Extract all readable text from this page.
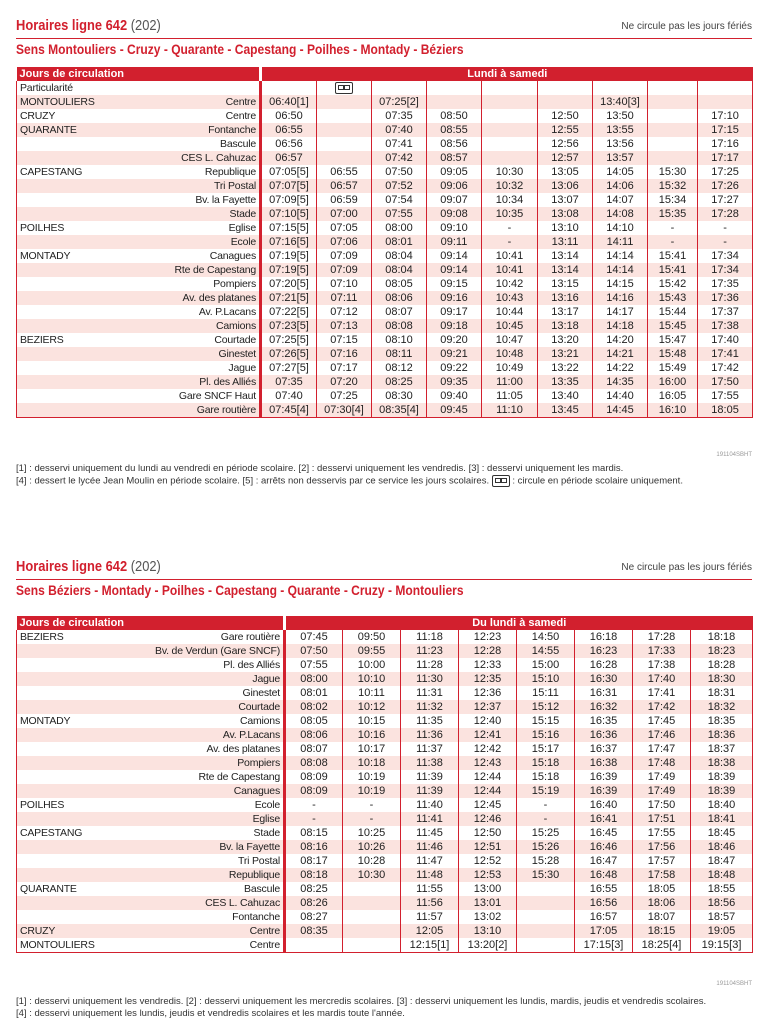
Horaires ligne 642 (202)	Ne circule pas les jours fériés
Sens Montouliers - Cruzy - Quarante - Capestang - Poilhes - Montady - Béziers
Jours de circulation		Lundi à samedi								
Particularité										
MONTOULIERS	Centre	06:40[1]		07:25[2]				13:40[3]		
CRUZY	Centre	06:50		07:35	08:50		12:50	13:50		17:10
QUARANTE	Fontanche	06:55		07:40	08:55		12:55	13:55		17:15
	Bascule	06:56		07:41	08:56		12:56	13:56		17:16
	CES L. Cahuzac	06:57		07:42	08:57		12:57	13:57		17:17
CAPESTANG	Republique	07:05[5]	06:55	07:50	09:05	10:30	13:05	14:05	15:30	17:25
	Tri Postal	07:07[5]	06:57	07:52	09:06	10:32	13:06	14:06	15:32	17:26
	Bv. la Fayette	07:09[5]	06:59	07:54	09:07	10:34	13:07	14:07	15:34	17:27
	Stade	07:10[5]	07:00	07:55	09:08	10:35	13:08	14:08	15:35	17:28
POILHES	Eglise	07:15[5]	07:05	08:00	09:10	-	13:10	14:10	-	-
	Ecole	07:16[5]	07:06	08:01	09:11	-	13:11	14:11	-	-
MONTADY	Canagues	07:19[5]	07:09	08:04	09:14	10:41	13:14	14:14	15:41	17:34
	Rte de Capestang	07:19[5]	07:09	08:04	09:14	10:41	13:14	14:14	15:41	17:34
	Pompiers	07:20[5]	07:10	08:05	09:15	10:42	13:15	14:15	15:42	17:35
	Av. des platanes	07:21[5]	07:11	08:06	09:16	10:43	13:16	14:16	15:43	17:36
	Av. P.Lacans	07:22[5]	07:12	08:07	09:17	10:44	13:17	14:17	15:44	17:37
	Camions	07:23[5]	07:13	08:08	09:18	10:45	13:18	14:18	15:45	17:38
BEZIERS	Courtade	07:25[5]	07:15	08:10	09:20	10:47	13:20	14:20	15:47	17:40
	Ginestet	07:26[5]	07:16	08:11	09:21	10:48	13:21	14:21	15:48	17:41
	Jague	07:27[5]	07:17	08:12	09:22	10:49	13:22	14:22	15:49	17:42
	Pl. des Alliés	07:35	07:20	08:25	09:35	11:00	13:35	14:35	16:00	17:50
	Gare SNCF Haut	07:40	07:25	08:30	09:40	11:05	13:40	14:40	16:05	17:55
	Gare routière	07:45[4]	07:30[4]	08:35[4]	09:45	11:10	13:45	14:45	16:10	18:05
191104SBHT
[1] : desservi uniquement du lundi au vendredi en période scolaire. [2] : desservi uniquement les vendredis. [3] : desservi uniquement les mardis.
[4] : dessert le lycée Jean Moulin en période scolaire. [5] : arrêts non desservis par ce service les jours scolaires. : circule en période scolaire uniquement.
Horaires ligne 642 (202)	Ne circule pas les jours fériés
Sens Béziers - Montady - Poilhes - Capestang - Quarante - Cruzy - Montouliers
Jours de circulation		Du lundi à samedi							
BEZIERS	Gare routière	07:45	09:50	11:18	12:23	14:50	16:18	17:28	18:18
	Bv. de Verdun (Gare SNCF)	07:50	09:55	11:23	12:28	14:55	16:23	17:33	18:23
	Pl. des Alliés	07:55	10:00	11:28	12:33	15:00	16:28	17:38	18:28
	Jague	08:00	10:10	11:30	12:35	15:10	16:30	17:40	18:30
	Ginestet	08:01	10:11	11:31	12:36	15:11	16:31	17:41	18:31
	Courtade	08:02	10:12	11:32	12:37	15:12	16:32	17:42	18:32
MONTADY	Camions	08:05	10:15	11:35	12:40	15:15	16:35	17:45	18:35
	Av. P.Lacans	08:06	10:16	11:36	12:41	15:16	16:36	17:46	18:36
	Av. des platanes	08:07	10:17	11:37	12:42	15:17	16:37	17:47	18:37
	Pompiers	08:08	10:18	11:38	12:43	15:18	16:38	17:48	18:38
	Rte de Capestang	08:09	10:19	11:39	12:44	15:18	16:39	17:49	18:39
	Canagues	08:09	10:19	11:39	12:44	15:19	16:39	17:49	18:39
POILHES	Ecole	-	-	11:40	12:45	-	16:40	17:50	18:40
	Eglise	-	-	11:41	12:46	-	16:41	17:51	18:41
CAPESTANG	Stade	08:15	10:25	11:45	12:50	15:25	16:45	17:55	18:45
	Bv. la Fayette	08:16	10:26	11:46	12:51	15:26	16:46	17:56	18:46
	Tri Postal	08:17	10:28	11:47	12:52	15:28	16:47	17:57	18:47
	Republique	08:18	10:30	11:48	12:53	15:30	16:48	17:58	18:48
QUARANTE	Bascule	08:25		11:55	13:00		16:55	18:05	18:55
	CES L. Cahuzac	08:26		11:56	13:01		16:56	18:06	18:56
	Fontanche	08:27		11:57	13:02		16:57	18:07	18:57
CRUZY	Centre	08:35		12:05	13:10		17:05	18:15	19:05
MONTOULIERS	Centre			12:15[1]	13:20[2]		17:15[3]	18:25[4]	19:15[3]
191104SBHT
[1] : desservi uniquement les vendredis. [2] : desservi uniquement les mercredis scolaires. [3] : desservi uniquement les lundis, mardis, jeudis et vendredis scolaires.
[4] : desservi uniquement les lundis, jeudis et vendredis scolaires et les mardis toute l'année.
